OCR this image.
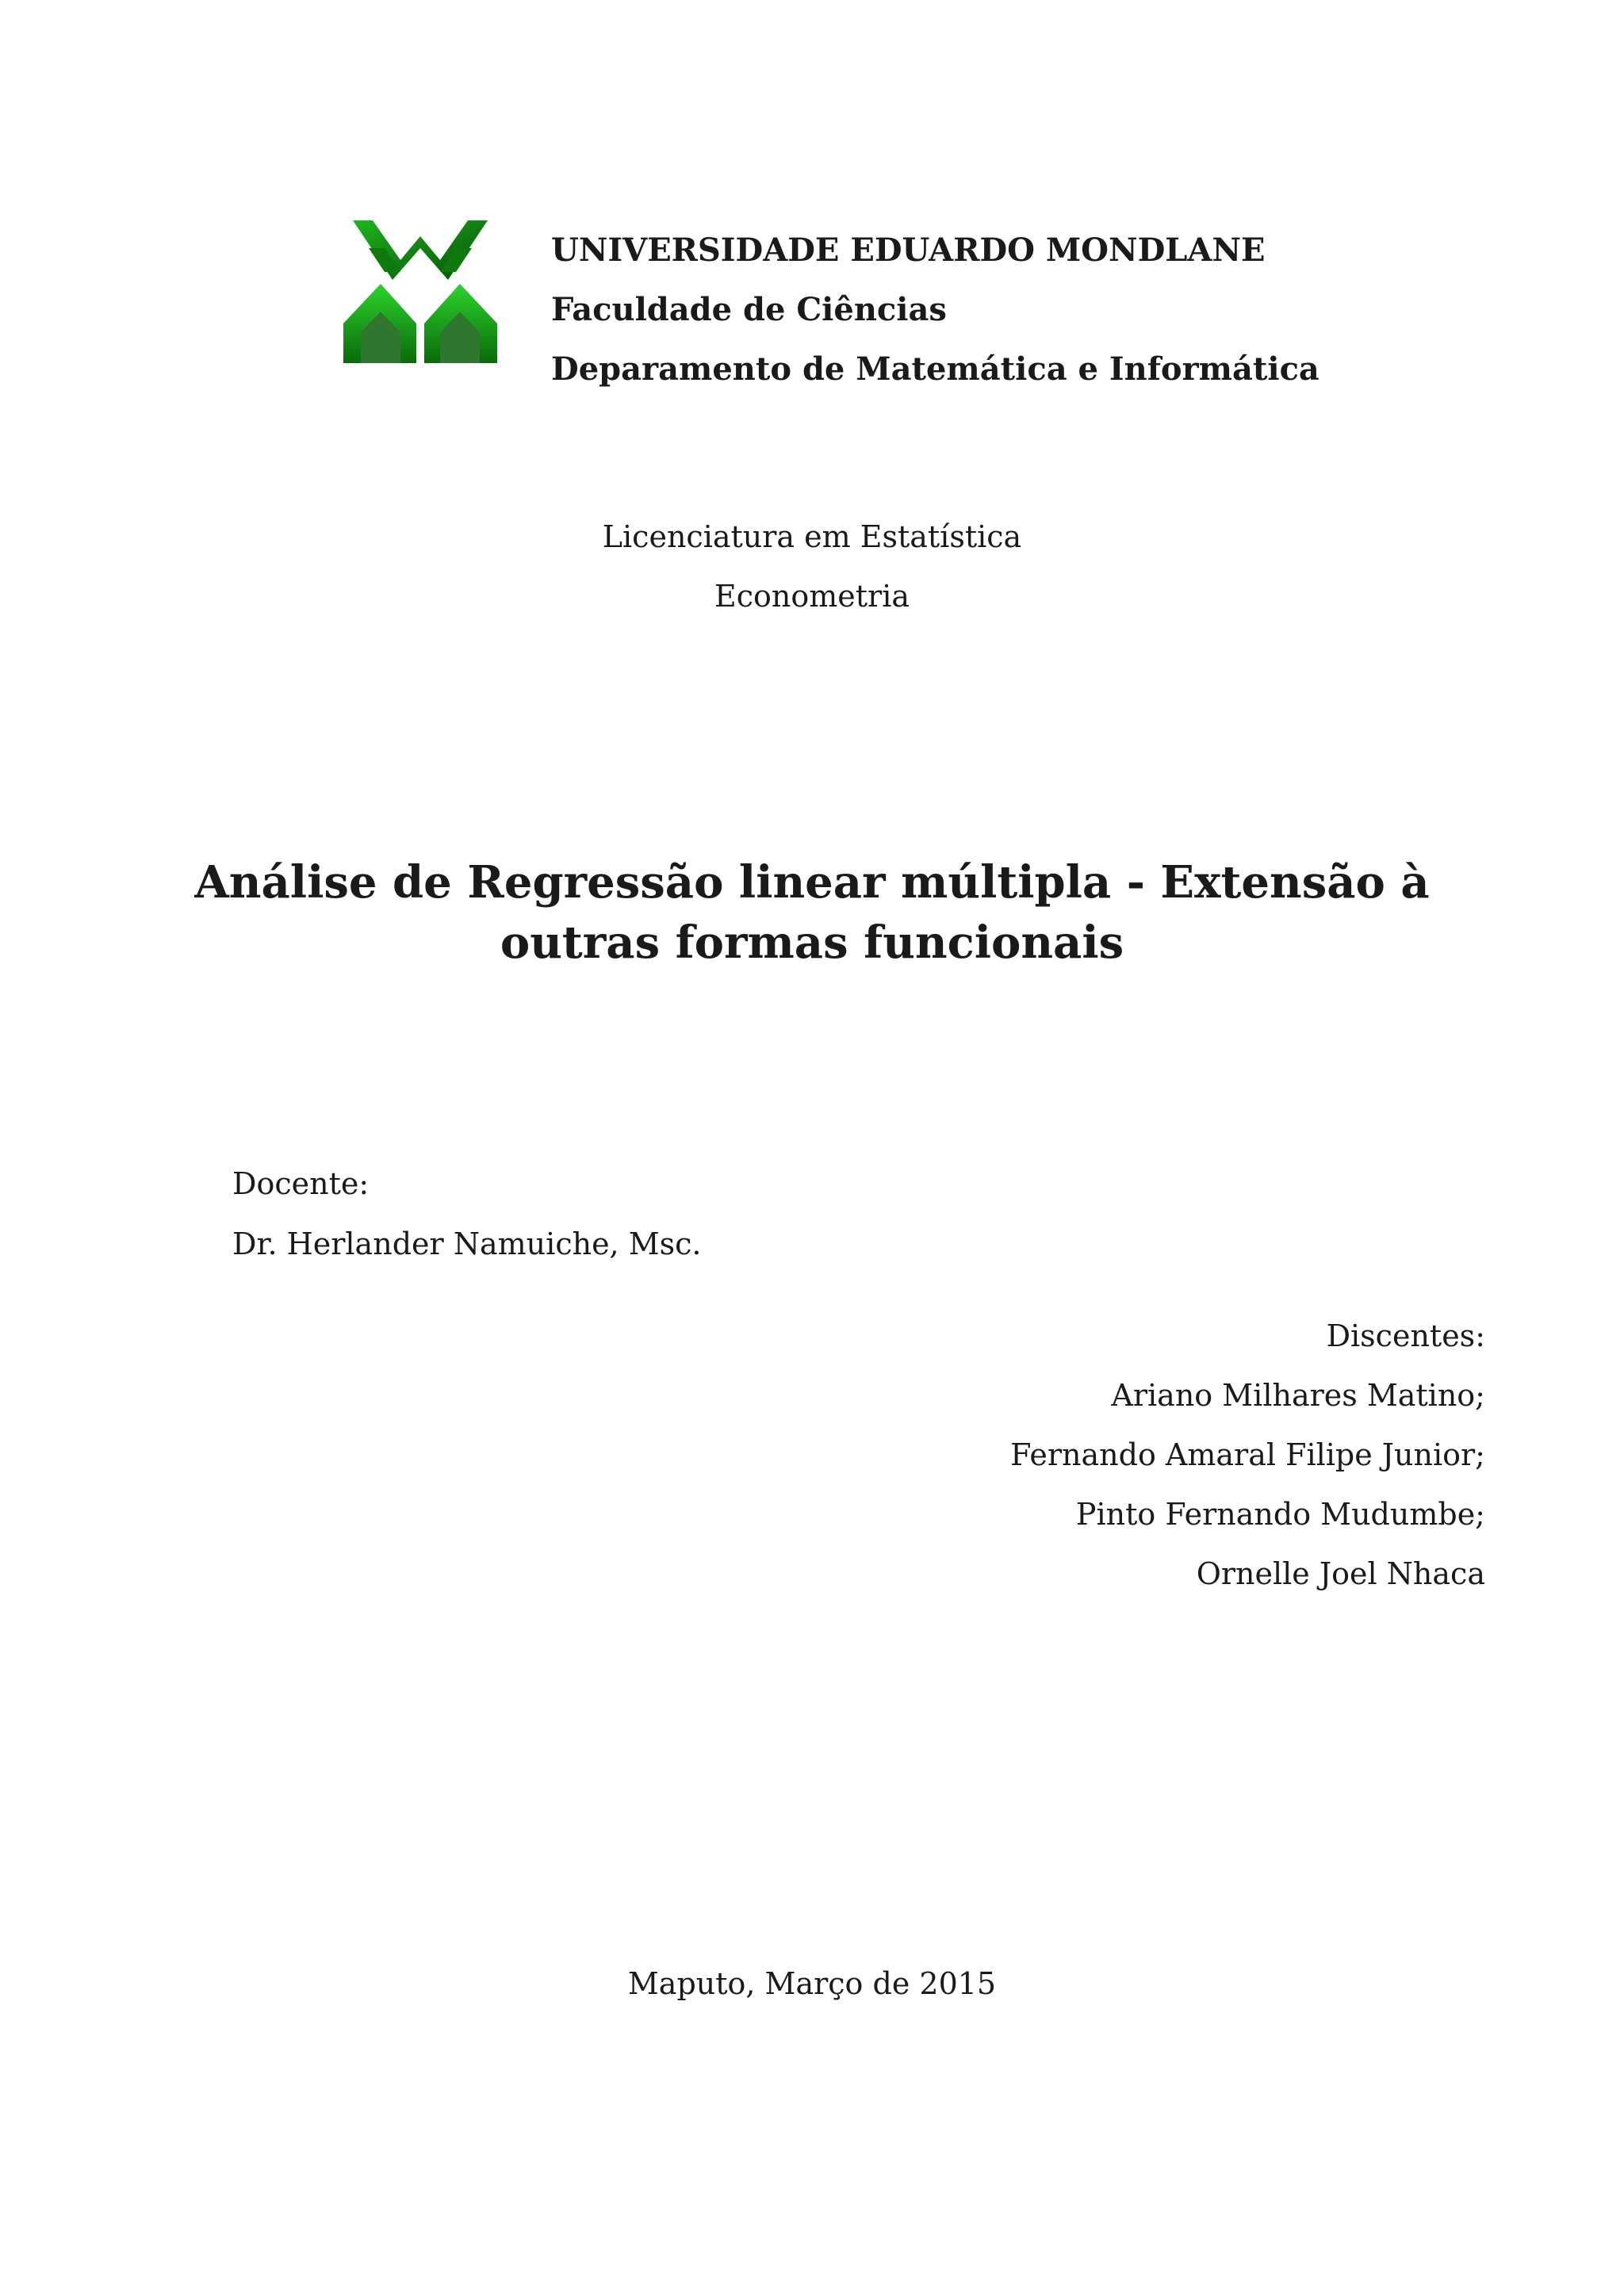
UNIVERSIDADE EDUARDO MONDLANE
Faculdade de Ciências
Deparamento de Matemática e Informática
Licenciatura em Estatística
Econometria
Análise de Regressão linear múltipla - Extensão à
outras formas funcionais
Docente:
Dr. Herlander Namuiche, Msc.
Discentes:
Ariano Milhares Matino;
Fernando Amaral Filipe Junior;
Pinto Fernando Mudumbe;
Ornelle Joel Nhaca
Maputo, Março de 2015
